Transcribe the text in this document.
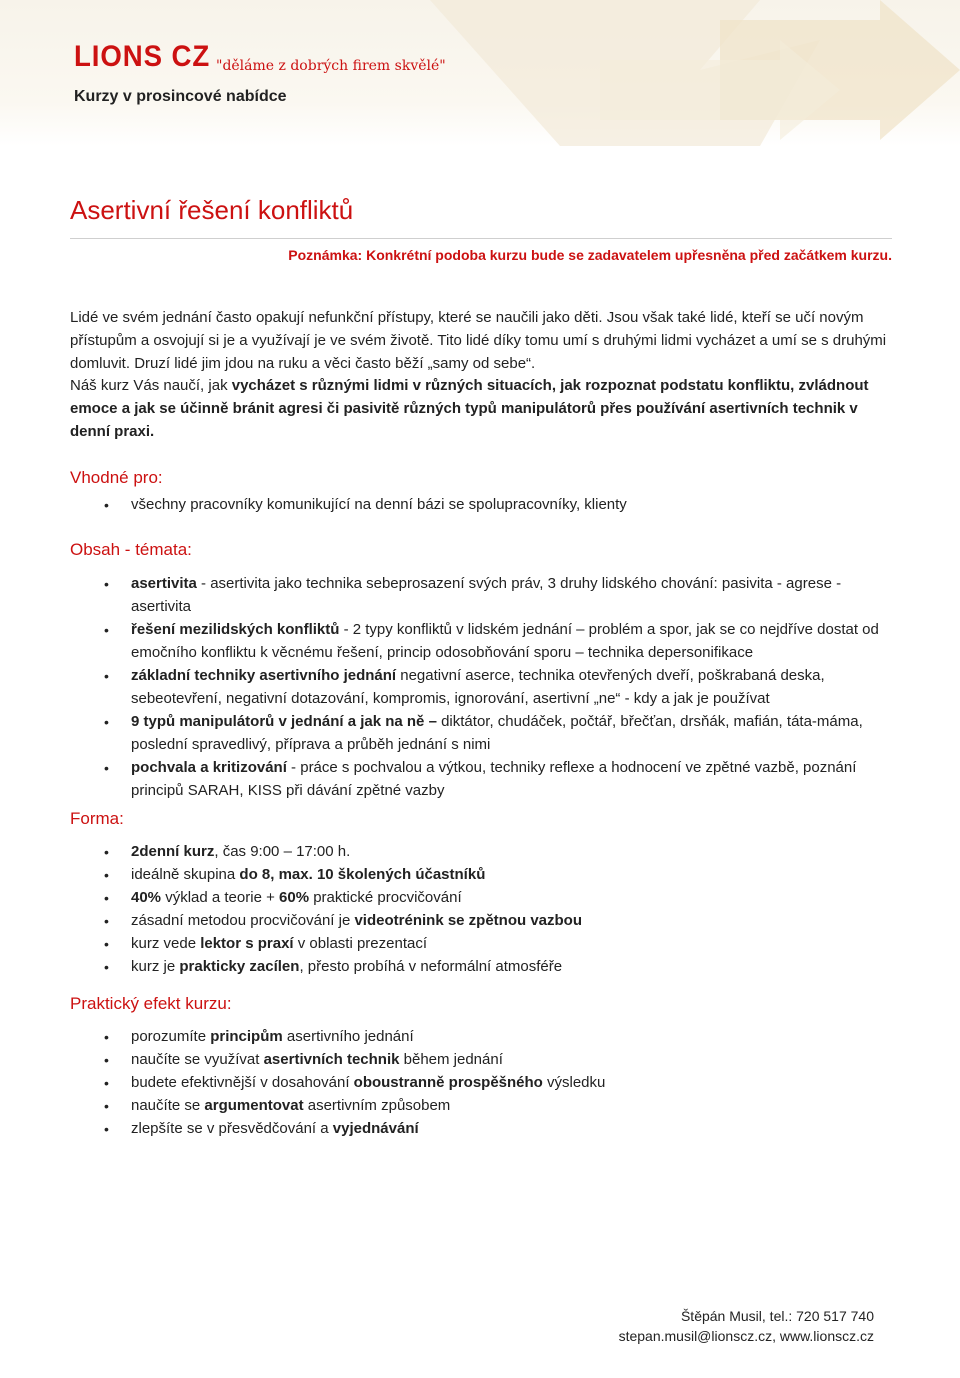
LIONS CZ "děláme z dobrých firem skvělé"
Kurzy v prosincové nabídce
Asertivní řešení konfliktů
Poznámka: Konkrétní podoba kurzu bude se zadavatelem upřesněna před začátkem kurzu.
Lidé ve svém jednání často opakují nefunkční přístupy, které se naučili jako děti. Jsou však také lidé, kteří se učí novým přístupům a osvojují si je a využívají je ve svém životě. Tito lidé díky tomu umí s druhými lidmi vycházet a umí se s druhými domluvit. Druzí lidé jim jdou na ruku a věci často běží „samy od sebe“.
Náš kurz Vás naučí, jak vycházet s různými lidmi v různých situacích, jak rozpoznat podstatu konfliktu, zvládnout emoce a jak se účinně bránit agresi či pasivitě různých typů manipulátorů přes používání asertivních technik v denní praxi.
Vhodné pro:
• všechny pracovníky komunikující na denní bázi se spolupracovníky, klienty
Obsah - témata:
• asertivita - asertivita jako technika sebeprosazení svých práv, 3 druhy lidského chování: pasivita - agrese - asertivita
• řešení mezilidských konfliktů - 2 typy konfliktů v lidském jednání – problém a spor, jak se co nejdříve dostat od emočního konfliktu k věcnému řešení, princip odosobňování sporu – technika depersonifikace
• základní techniky asertivního jednání negativní aserce, technika otevřených dveří, poškrabaná deska, sebeotevření, negativní dotazování, kompromis, ignorování, asertivní „ne“ - kdy a jak je používat
• 9 typů manipulátorů v jednání a jak na ně – diktátor, chudáček, počtář, břečťan, drsňák, mafián, táta-máma, poslední spravedlivý, příprava a průběh jednání s nimi
• pochvala a kritizování - práce s pochvalou a výtkou, techniky reflexe a hodnocení ve zpětné vazbě, poznání principů SARAH, KISS při dávání zpětné vazby
Forma:
• 2denní kurz, čas 9:00 – 17:00 h.
• ideálně skupina do 8, max. 10 školených účastníků
• 40% výklad a teorie + 60% praktické procvičování
• zásadní metodou procvičování je videotrénink se zpětnou vazbou
• kurz vede lektor s praxí v oblasti prezentací
• kurz je prakticky zacílen, přesto probíhá v neformální atmosféře
Praktický efekt kurzu:
• porozumíte principům asertivního jednání
• naučíte se využívat asertivních technik během jednání
• budete efektivnější v dosahování oboustranně prospěšného výsledku
• naučíte se argumentovat asertivním způsobem
• zlepšíte se v přesvědčování a vyjednávání
Štěpán Musil, tel.: 720 517 740
stepan.musil@lionscz.cz, www.lionscz.cz
